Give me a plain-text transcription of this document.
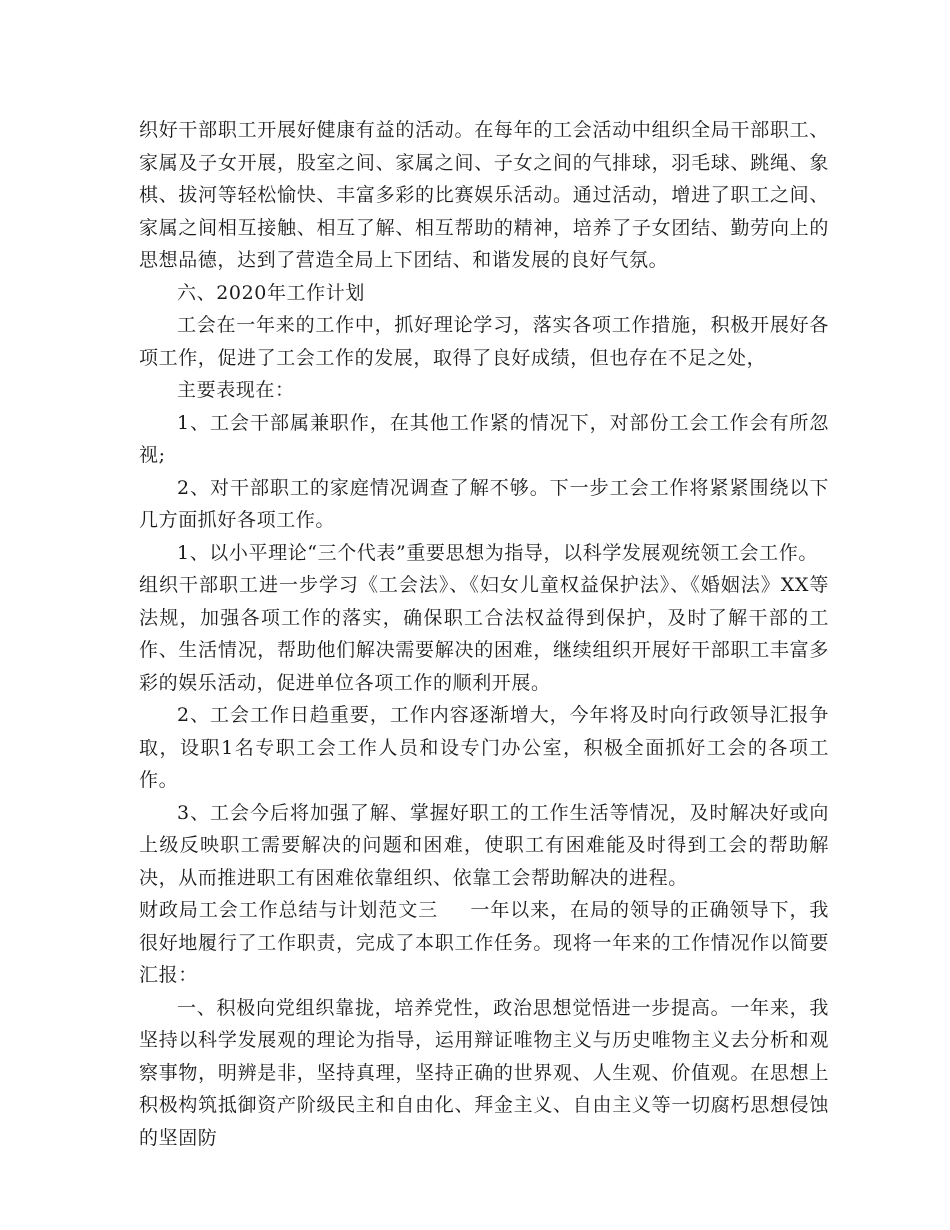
织好干部职工开展好健康有益的活动。在每年的工会活动中组织全局干部职工、家属及子女开展，股室之间、家属之间、子女之间的气排球，羽毛球、跳绳、象棋、拔河等轻松愉快、丰富多彩的比赛娱乐活动。通过活动，增进了职工之间、家属之间相互接触、相互了解、相互帮助的精神，培养了子女团结、勤劳向上的思想品德，达到了营造全局上下团结、和谐发展的良好气氛。

六、2020年工作计划

工会在一年来的工作中，抓好理论学习，落实各项工作措施，积极开展好各项工作，促进了工会工作的发展，取得了良好成绩，但也存在不足之处，

主要表现在：

1、工会干部属兼职作，在其他工作紧的情况下，对部份工会工作会有所忽视;

2、对干部职工的家庭情况调查了解不够。下一步工会工作将紧紧围绕以下几方面抓好各项工作。

1、以小平理论“三个代表”重要思想为指导，以科学发展观统领工会工作。

组织干部职工进一步学习《工会法》、《妇女儿童权益保护法》、《婚姻法》XX等法规，加强各项工作的落实，确保职工合法权益得到保护，及时了解干部的工作、生活情况，帮助他们解决需要解决的困难，继续组织开展好干部职工丰富多彩的娱乐活动，促进单位各项工作的顺利开展。

2、工会工作日趋重要，工作内容逐渐增大，今年将及时向行政领导汇报争取，设职1名专职工会工作人员和设专门办公室，积极全面抓好工会的各项工作。

3、工会今后将加强了解、掌握好职工的工作生活等情况，及时解决好或向上级反映职工需要解决的问题和困难，使职工有困难能及时得到工会的帮助解决，从而推进职工有困难依靠组织、依靠工会帮助解决的进程。

财政局工会工作总结与计划范文三 一年以来，在局的领导的正确领导下，我很好地履行了工作职责，完成了本职工作任务。现将一年来的工作情况作以简要汇报：

一、积极向党组织靠拢，培养党性，政治思想觉悟进一步提高。一年来，我坚持以科学发展观的理论为指导，运用辩证唯物主义与历史唯物主义去分析和观察事物，明辨是非，坚持真理，坚持正确的世界观、人生观、价值观。在思想上积极构筑抵御资产阶级民主和自由化、拜金主义、自由主义等一切腐朽思想侵蚀的坚固防
